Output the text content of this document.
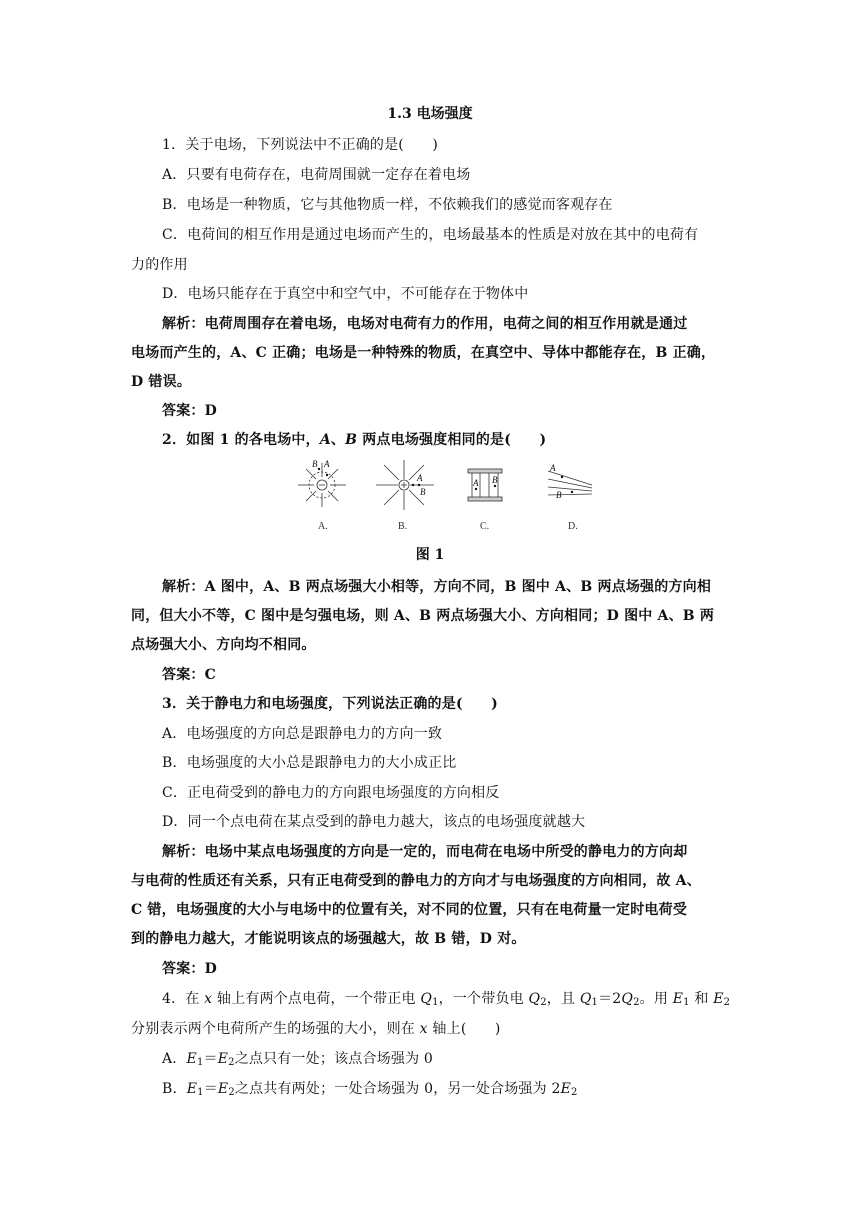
1.3 电场强度
1．关于电场，下列说法中不正确的是(　　)
A．只要有电荷存在，电荷周围就一定存在着电场
B．电场是一种物质，它与其他物质一样，不依赖我们的感觉而客观存在
C．电荷间的相互作用是通过电场而产生的，电场最基本的性质是对放在其中的电荷有
力的作用
D．电场只能存在于真空中和空气中，不可能存在于物体中
解析：电荷周围存在着电场，电场对电荷有力的作用，电荷之间的相互作用就是通过
电场而产生的，A、C 正确；电场是一种特殊的物质，在真空中、导体中都能存在，B 正确，
D 错误。
答案：D
2．如图 1 的各电场中，A、B 两点电场强度相同的是(　　)
B A
A
B
A B
A
B
A.	B.	C.	D.
图 1
解析：A 图中，A、B 两点场强大小相等，方向不同，B 图中 A、B 两点场强的方向相
同，但大小不等，C 图中是匀强电场，则 A、B 两点场强大小、方向相同；D 图中 A、B 两
点场强大小、方向均不相同。
答案：C
3．关于静电力和电场强度，下列说法正确的是(　　)
A．电场强度的方向总是跟静电力的方向一致
B．电场强度的大小总是跟静电力的大小成正比
C．正电荷受到的静电力的方向跟电场强度的方向相反
D．同一个点电荷在某点受到的静电力越大，该点的电场强度就越大
解析：电场中某点电场强度的方向是一定的，而电荷在电场中所受的静电力的方向却
与电荷的性质还有关系，只有正电荷受到的静电力的方向才与电场强度的方向相同，故 A、
C 错，电场强度的大小与电场中的位置有关，对不同的位置，只有在电荷量一定时电荷受
到的静电力越大，才能说明该点的场强越大，故 B 错，D 对。
答案：D
4．在 x 轴上有两个点电荷，一个带正电 $Q_1$，一个带负电 $Q_2$，且 $Q_1=2Q_2$。用 $E_1$ 和 $E_2$
分别表示两个电荷所产生的场强的大小，则在 x 轴上(　　)
A．$E_1=E_2$之点只有一处；该点合场强为 0
B．$E_1=E_2$之点共有两处；一处合场强为 0，另一处合场强为 $2E_2$
